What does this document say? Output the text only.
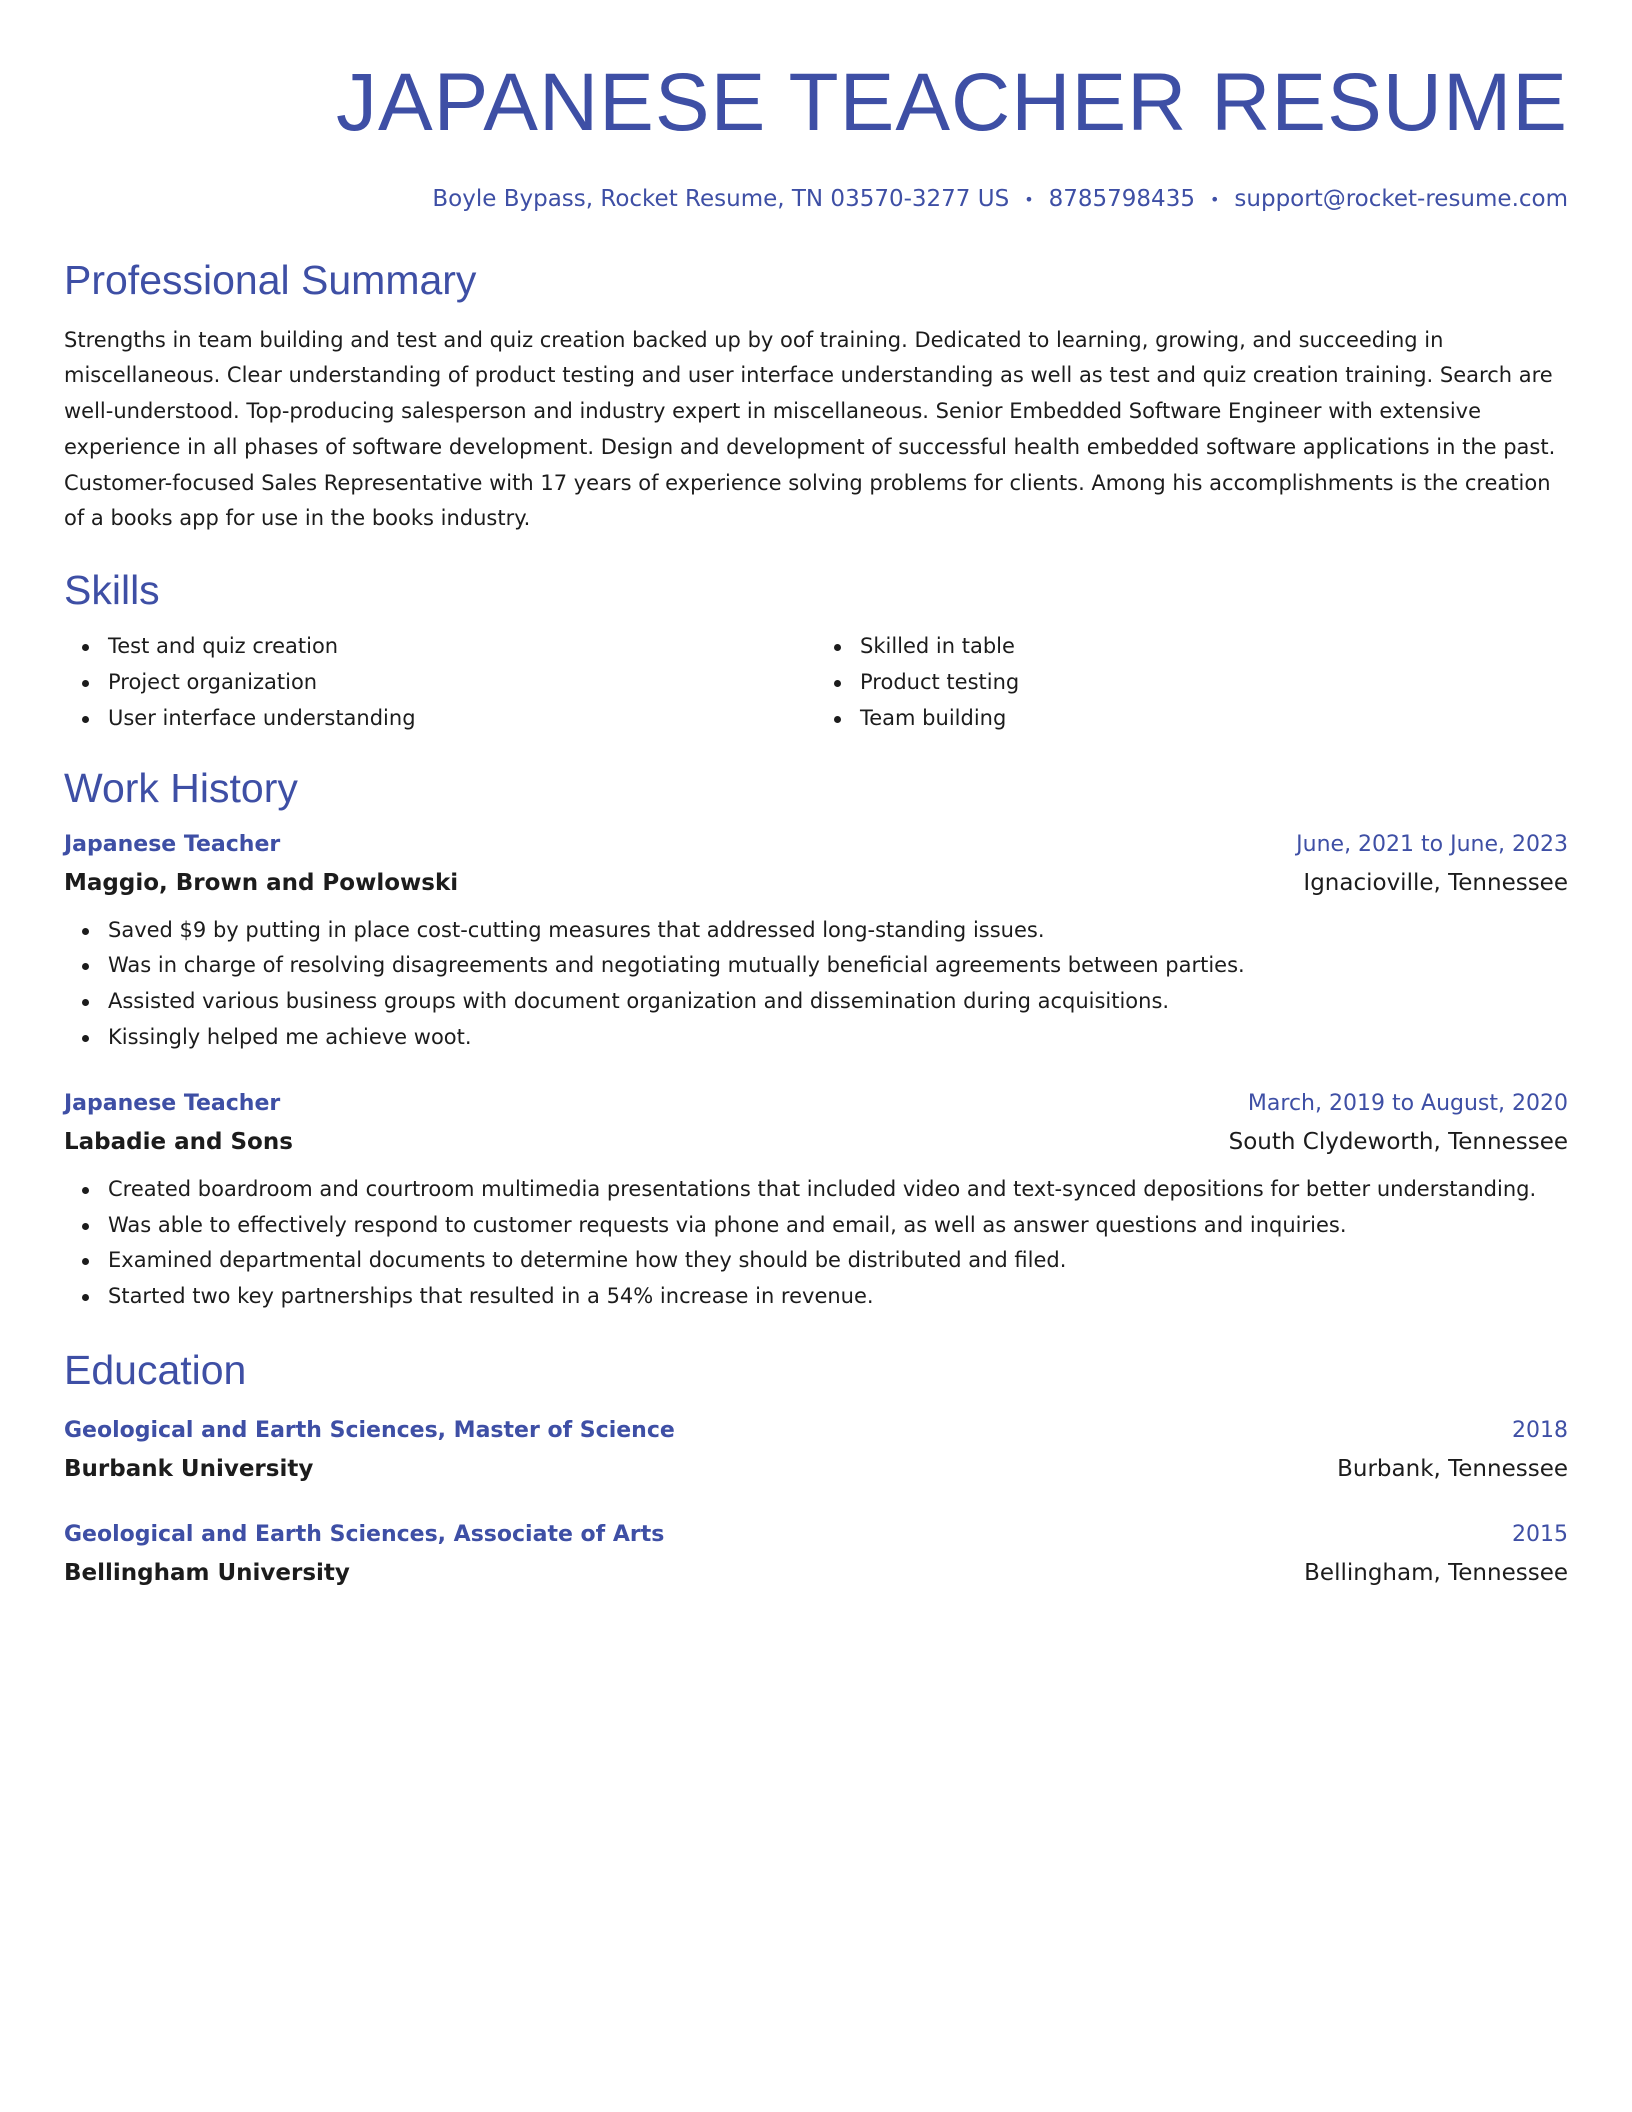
JAPANESE TEACHER RESUME
Boyle Bypass, Rocket Resume, TN 03570-3277 US • 8785798435 • support@rocket-resume.com
Professional Summary

Strengths in team building and test and quiz creation backed up by oof training. Dedicated to learning, growing, and succeeding in miscellaneous. Clear understanding of product testing and user interface understanding as well as test and quiz creation training. Search are well-understood. Top-producing salesperson and industry expert in miscellaneous. Senior Embedded Software Engineer with extensive experience in all phases of software development. Design and development of successful health embedded software applications in the past. Customer-focused Sales Representative with 17 years of experience solving problems for clients. Among his accomplishments is the creation of a books app for use in the books industry.

Skills
Test and quiz creation
Project organization
User interface understanding
Skilled in table
Product testing
Team building
Work History
Japanese Teacher	June, 2021 to June, 2023
Maggio, Brown and Powlowski	Ignacioville, Tennessee
Saved $9 by putting in place cost-cutting measures that addressed long-standing issues.
Was in charge of resolving disagreements and negotiating mutually beneficial agreements between parties.
Assisted various business groups with document organization and dissemination during acquisitions.
Kissingly helped me achieve woot.
Japanese Teacher	March, 2019 to August, 2020
Labadie and Sons	South Clydeworth, Tennessee
Created boardroom and courtroom multimedia presentations that included video and text-synced depositions for better understanding.
Was able to effectively respond to customer requests via phone and email, as well as answer questions and inquiries.
Examined departmental documents to determine how they should be distributed and filed.
Started two key partnerships that resulted in a 54% increase in revenue.
Education
Geological and Earth Sciences, Master of Science	2018
Burbank University	Burbank, Tennessee
Geological and Earth Sciences, Associate of Arts	2015
Bellingham University	Bellingham, Tennessee
